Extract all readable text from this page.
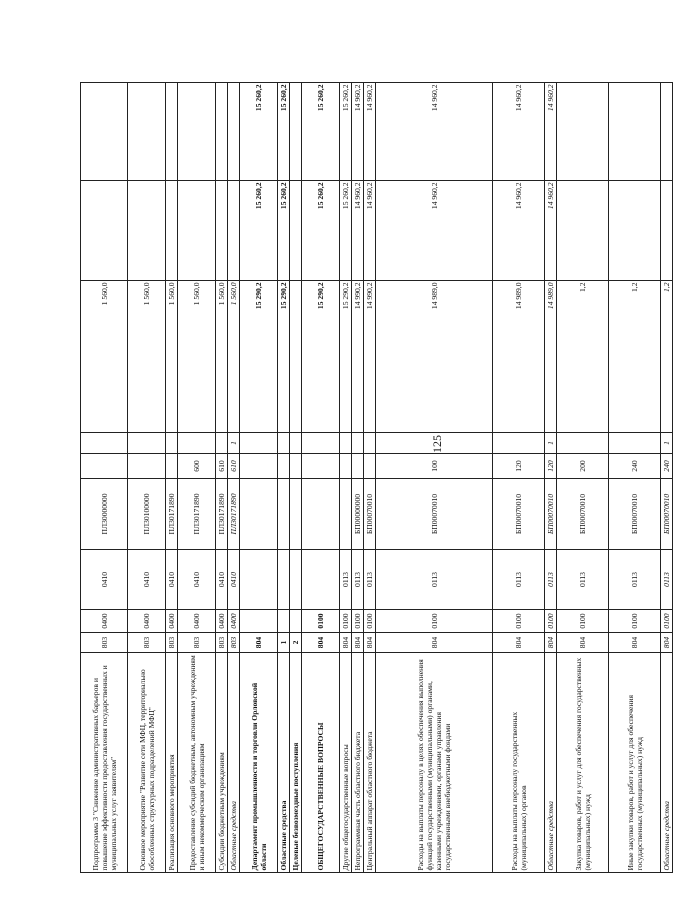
125
Подпрограмма 3 "Снижение административных барьеров и повышение эффективности предоставления государственных и муниципальных услуг заявителям"	803	0400	0410	ПЛ30000000			1 560,0		
Основное мероприятие "Развитие сети МФЦ, территориально обособленных структурных подразделений МФЦ"	803	0400	0410	ПЛ30100000			1 560,0		
Реализация основного мероприятия	803	0400	0410	ПЛ30171890			1 560,0		
Предоставление субсидий бюджетным, автономным учреждениям и иным некоммерческим организациям	803	0400	0410	ПЛ30171890	600		1 560,0		
Субсидии бюджетным учреждениям	803	0400	0410	ПЛ30171890	610		1 560,0		
Областные средства	803	0400	0410	ПЛ30171890	610	1	1 560,0		
Департамент промышленности и торговли Орловской области	804						15 290,2	15 260,2	15 260,2
Областные средства	1						15 290,2	15 260,2	15 260,2
Целевые безвозмездные поступления	2								
ОБЩЕГОСУДАРСТВЕННЫЕ ВОПРОСЫ	804	0100					15 290,2	15 260,2	15 260,2
Другие общегосударственные вопросы	804	0100	0113				15 290,2	15 260,2	15 260,2
Непрограммная часть областного бюджета	804	0100	0113	БП00000000			14 990,2	14 960,2	14 960,2
Центральный аппарат областного бюджета	804	0100	0113	БП00070010			14 990,2	14 960,2	14 960,2
Расходы на выплаты персоналу в целях обеспечения выполнения функций государственными (муниципальными) органами, казенными учреждениями, органами управления государственными внебюджетными фондами	804	0100	0113	БП00070010	100		14 989,0	14 960,2	14 960,2
Расходы на выплаты персоналу государственных (муниципальных) органов	804	0100	0113	БП00070010	120		14 989,0	14 960,2	14 960,2
Областные средства	804	0100	0113	БП00070010	120	1	14 989,0	14 960,2	14 960,2
Закупка товаров, работ и услуг для обеспечения государственных (муниципальных) нужд	804	0100	0113	БП00070010	200		1,2		
Иные закупки товаров, работ и услуг для обеспечения государственных (муниципальных) нужд	804	0100	0113	БП00070010	240		1,2		
Областные средства	804	0100	0113	БП00070010	240	1	1,2		
